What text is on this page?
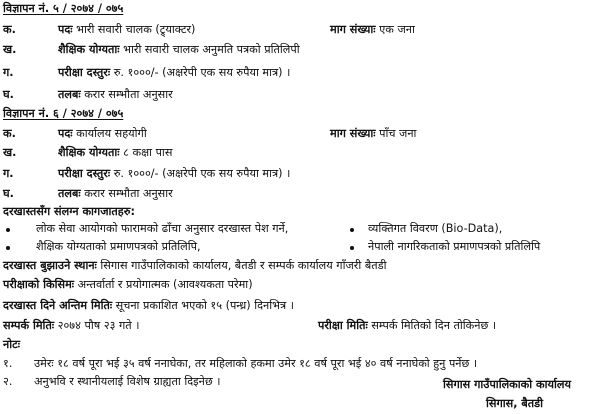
विज्ञापन नं. ५ / २०७४ / ०७५
क.	पदः भारी सवारी चालक (ट्र्याक्टर)	माग संख्याः एक जना
ख.	शैक्षिक योग्यताः भारी सवारी चालक अनुमति पत्रको प्रतिलिपी
ग.	परीक्षा दस्तुरः रु. १०००/- (अक्षरेपी एक सय रुपैया मात्र) ।
घ.	तलबः करार सम्भौता अनुसार
विज्ञापन नं. ६ / २०७४ / ०७५
क.	पदः कार्यालय सहयोगी	माग संख्याः पाँच जना
ख.	शैक्षिक योग्यताः ८ कक्षा पास
ग.	परीक्षा दस्तुरः रु. १०००/- (अक्षरेपी एक सय रुपैया मात्र) ।
घ.	तलबः करार सम्भौता अनुसार
दरखास्तसँग संलग्न कागजातहरु:
लोक सेवा आयोगको फारामको ढाँचा अनुसार दरखास्त पेश गर्ने,	व्यक्तिगत विवरण (Bio-Data),
शैक्षिक योग्यताको प्रमाणपत्रको प्रतिलिपि,	नेपाली नागरिकताको प्रमाणपत्रको प्रतिलिपि
दरखास्त बुझाउने स्थानः सिगास गाउँपालिकाको कार्यालय, बैतडी र सम्पर्क कार्यालय गाँजरी बैतडी
परीक्षाको किसिमः अन्तर्वार्ता र प्रयोगात्मक (आवश्यकता परेमा)
दरखास्त दिने अन्तिम मितिः सूचना प्रकाशित भएको १५ (पन्ध्र) दिनभित्र ।
सम्पर्क मितिः २०७४ पौष २३ गते ।	परीक्षा मितिः सम्पर्क मितिको दिन तोकिनेछ ।
नोटः
१. उमेरः १८ वर्ष पूरा भई ३५ वर्ष ननाघेका, तर महिलाको हकमा उमेर १८ वर्ष पूरा भई ४० वर्ष ननाघेको हुनु पर्नेछ ।
२. अनुभवि र स्थानीयलाई विशेष ग्राह्यता दिइनेछ ।	सिगास गाउँपालिकाको कार्यालय
सिगास, बैतडी
